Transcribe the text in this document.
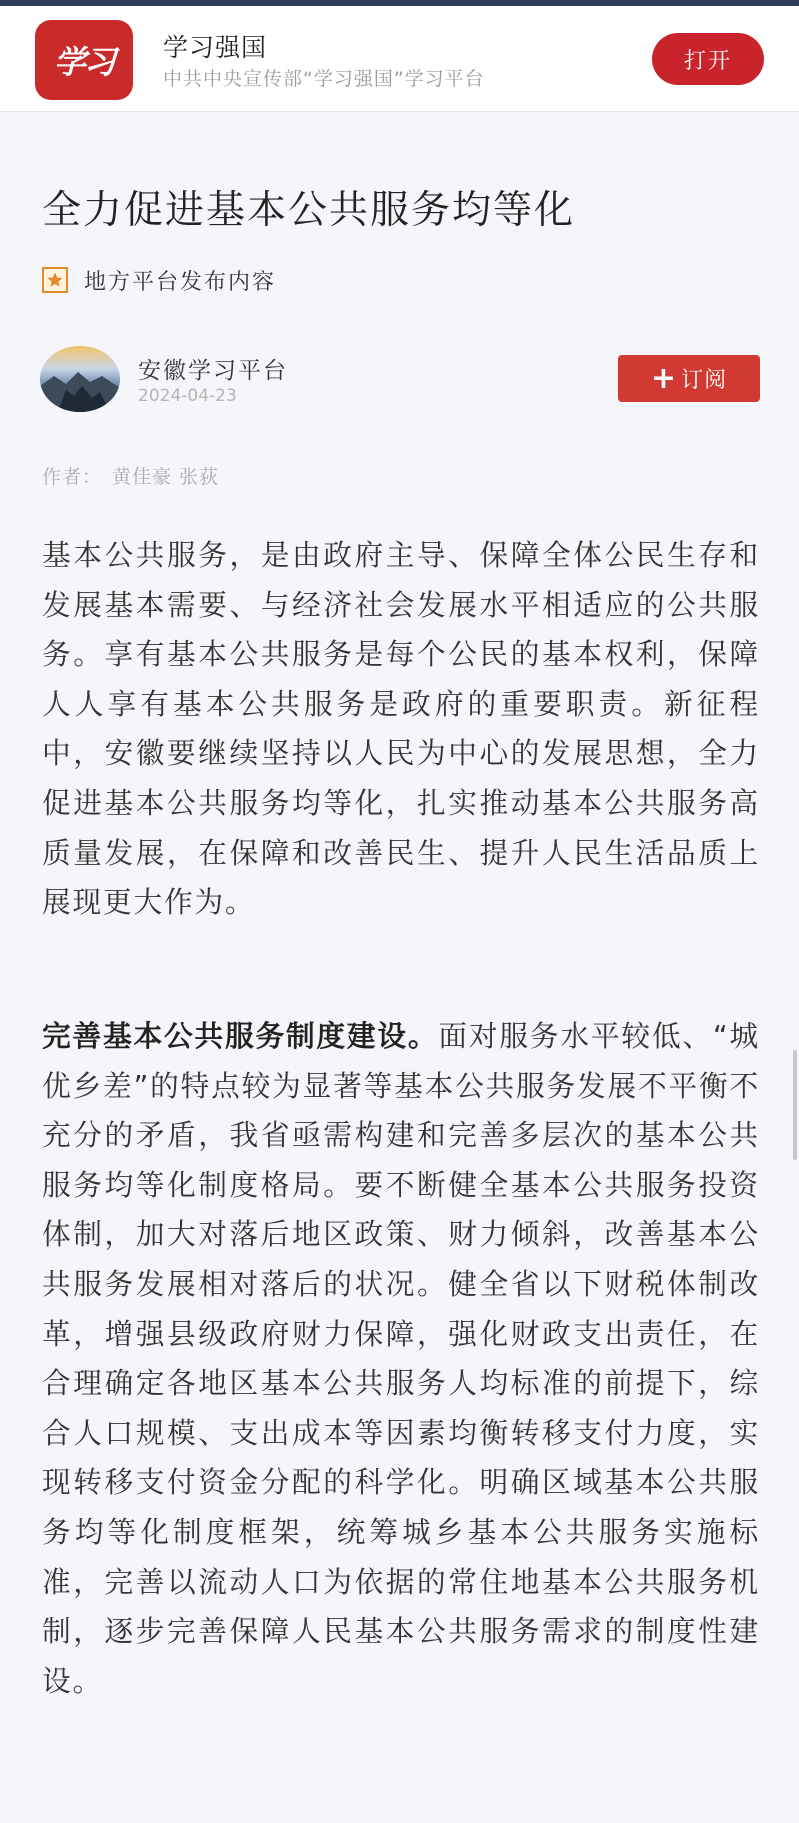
学习 学习强国
中共中央宣传部“学习强国”学习平台
打开
全力促进基本公共服务均等化
地方平台发布内容
安徽学习平台
2024-04-23
+ 订阅
作者： 黄佳豪 张荻

基本公共服务，是由政府主导、保障全体公民生存和发展基本需要、与经济社会发展水平相适应的公共服务。享有基本公共服务是每个公民的基本权利，保障人人享有基本公共服务是政府的重要职责。新征程中，安徽要继续坚持以人民为中心的发展思想，全力促进基本公共服务均等化，扎实推动基本公共服务高质量发展，在保障和改善民生、提升人民生活品质上展现更大作为。

完善基本公共服务制度建设。面对服务水平较低、“城优乡差”的特点较为显著等基本公共服务发展不平衡不充分的矛盾，我省亟需构建和完善多层次的基本公共服务均等化制度格局。要不断健全基本公共服务投资体制，加大对落后地区政策、财力倾斜，改善基本公共服务发展相对落后的状况。健全省以下财税体制改革，增强县级政府财力保障，强化财政支出责任，在合理确定各地区基本公共服务人均标准的前提下，综合人口规模、支出成本等因素均衡转移支付力度，实现转移支付资金分配的科学化。明确区域基本公共服务均等化制度框架，统筹城乡基本公共服务实施标准，完善以流动人口为依据的常住地基本公共服务机制，逐步完善保障人民基本公共服务需求的制度性建设。
